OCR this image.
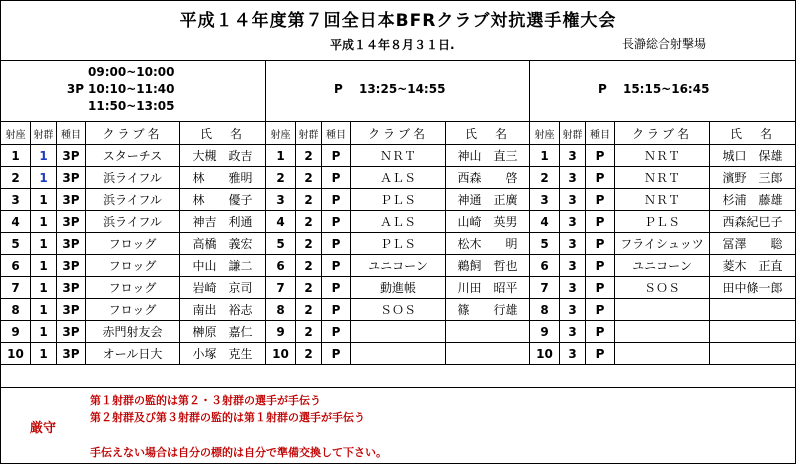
平成１４年度第７回全日本BFRクラブ対抗選手権大会
平成１４年８月３１日.	長瀞総合射撃場
09:00~10:00
3P 10:10~11:40
11:50~13:05
P 13:25~14:55	P 15:15~16:45
射座	射群	種目	クラブ名	氏　名	射座	射群	種目	クラブ名	氏　名	射座	射群	種目	クラブ名	氏　名
1	1	3P	スターチス	大槻　政吉	1	2	P	ＮＲＴ	神山　直三	1	3	P	ＮＲＴ	城口　保雄
2	1	3P	浜ライフル	林　　雅明	2	2	P	ＡＬＳ	西森　　啓	2	3	P	ＮＲＴ	濱野　三郎
3	1	3P	浜ライフル	林　　優子	3	2	P	ＰＬＳ	神通　正廣	3	3	P	ＮＲＴ	杉浦　藤雄
4	1	3P	浜ライフル	神吉　利通	4	2	P	ＡＬＳ	山崎　英男	4	3	P	ＰＬＳ	西森紀巳子
5	1	3P	フロッグ	高橋　義宏	5	2	P	ＰＬＳ	松木　　明	5	3	P	フライシュッツ	冨澤　　聡
6	1	3P	フロッグ	中山　謙二	6	2	P	ユニコーン	鵜飼　哲也	6	3	P	ユニコーン	菱木　正直
7	1	3P	フロッグ	岩崎　京司	7	2	P	動進帳	川田　昭平	7	3	P	ＳＯＳ	田中條一郎
8	1	3P	フロッグ	南出　裕志	8	2	P	ＳＯＳ	篠　　行雄	8	3	P		
9	1	3P	赤門射友会	榊原　嘉仁	9	2	P			9	3	P		
10	1	3P	オール日大	小塚　克生	10	2	P			10	3	P		
厳守
第１射群の監的は第２・３射群の選手が手伝う
第２射群及び第３射群の監的は第１射群の選手が手伝う
手伝えない場合は自分の標的は自分で準備交換して下さい。
